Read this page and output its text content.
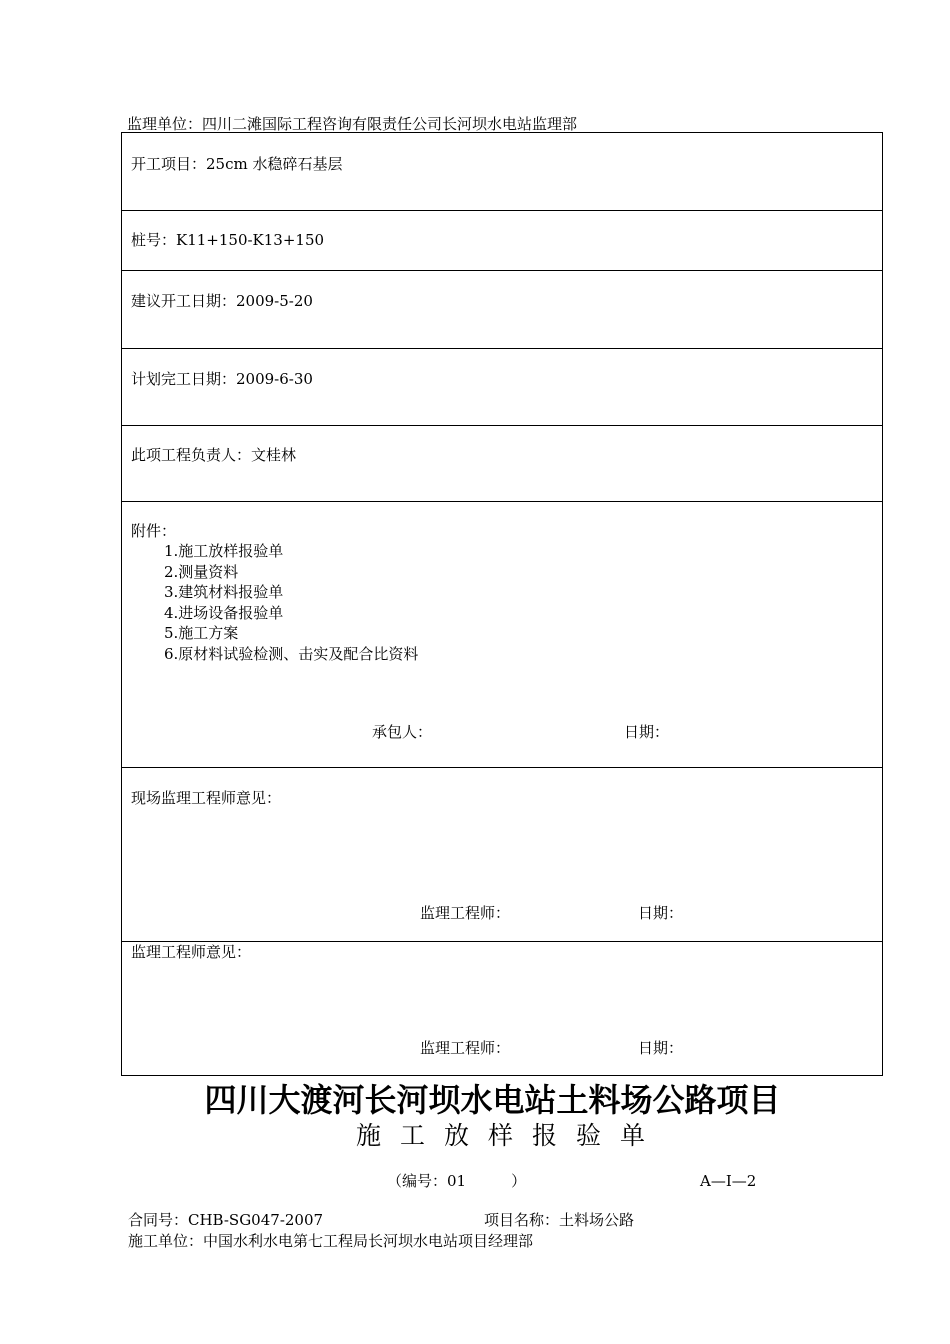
监理单位：四川二滩国际工程咨询有限责任公司长河坝水电站监理部
开工项目：25cm 水稳碎石基层
桩号：K11+150-K13+150
建议开工日期：2009-5-20
计划完工日期：2009-6-30
此项工程负责人：文桂林
附件：
1.施工放样报验单
2.测量资料
3.建筑材料报验单
4.进场设备报验单
5.施工方案
6.原材料试验检测、击实及配合比资料
承包人：	日期：
现场监理工程师意见：
监理工程师：	日期：
监理工程师意见：
监理工程师：	日期：
四川大渡河长河坝水电站土料场公路项目
施工放样报验单
（编号：01　　　）	A—I—2
合同号：CHB-SG047-2007	项目名称：土料场公路
施工单位：中国水利水电第七工程局长河坝水电站项目经理部
